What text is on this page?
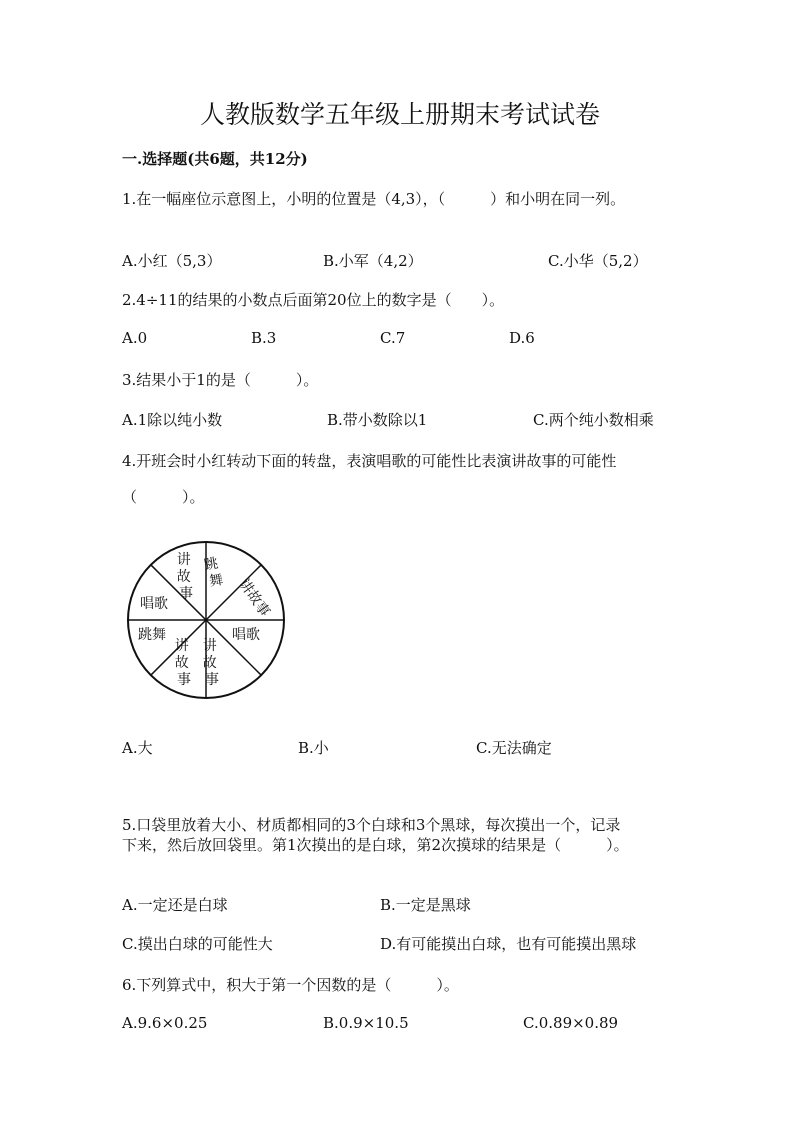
人教版数学五年级上册期末考试试卷
一.选择题(共6题，共12分)
1.在一幅座位示意图上，小明的位置是（4,3），（　　　）和小明在同一列。
A.小红（5,3）	B.小军（4,2）	C.小华（5,2）
2.4÷11的结果的小数点后面第20位上的数字是（　　）。
A.0	B.3	C.7	D.6
3.结果小于1的是（　　　）。
A.1除以纯小数	B.带小数除以1	C.两个纯小数相乘
4.开班会时小红转动下面的转盘，表演唱歌的可能性比表演讲故事的可能性
（　　　）。
讲 故 事
跳 舞 讲故事
唱歌
讲 故 事
讲 故 事
跳舞
唱歌
A.大	B.小	C.无法确定
5.口袋里放着大小、材质都相同的3个白球和3个黑球，每次摸出一个，记录
下来，然后放回袋里。第1次摸出的是白球，第2次摸球的结果是（　　　）。
A.一定还是白球	B.一定是黑球
C.摸出白球的可能性大	D.有可能摸出白球，也有可能摸出黑球
6.下列算式中，积大于第一个因数的是（　　　）。
A.9.6×0.25	B.0.9×10.5	C.0.89×0.89
